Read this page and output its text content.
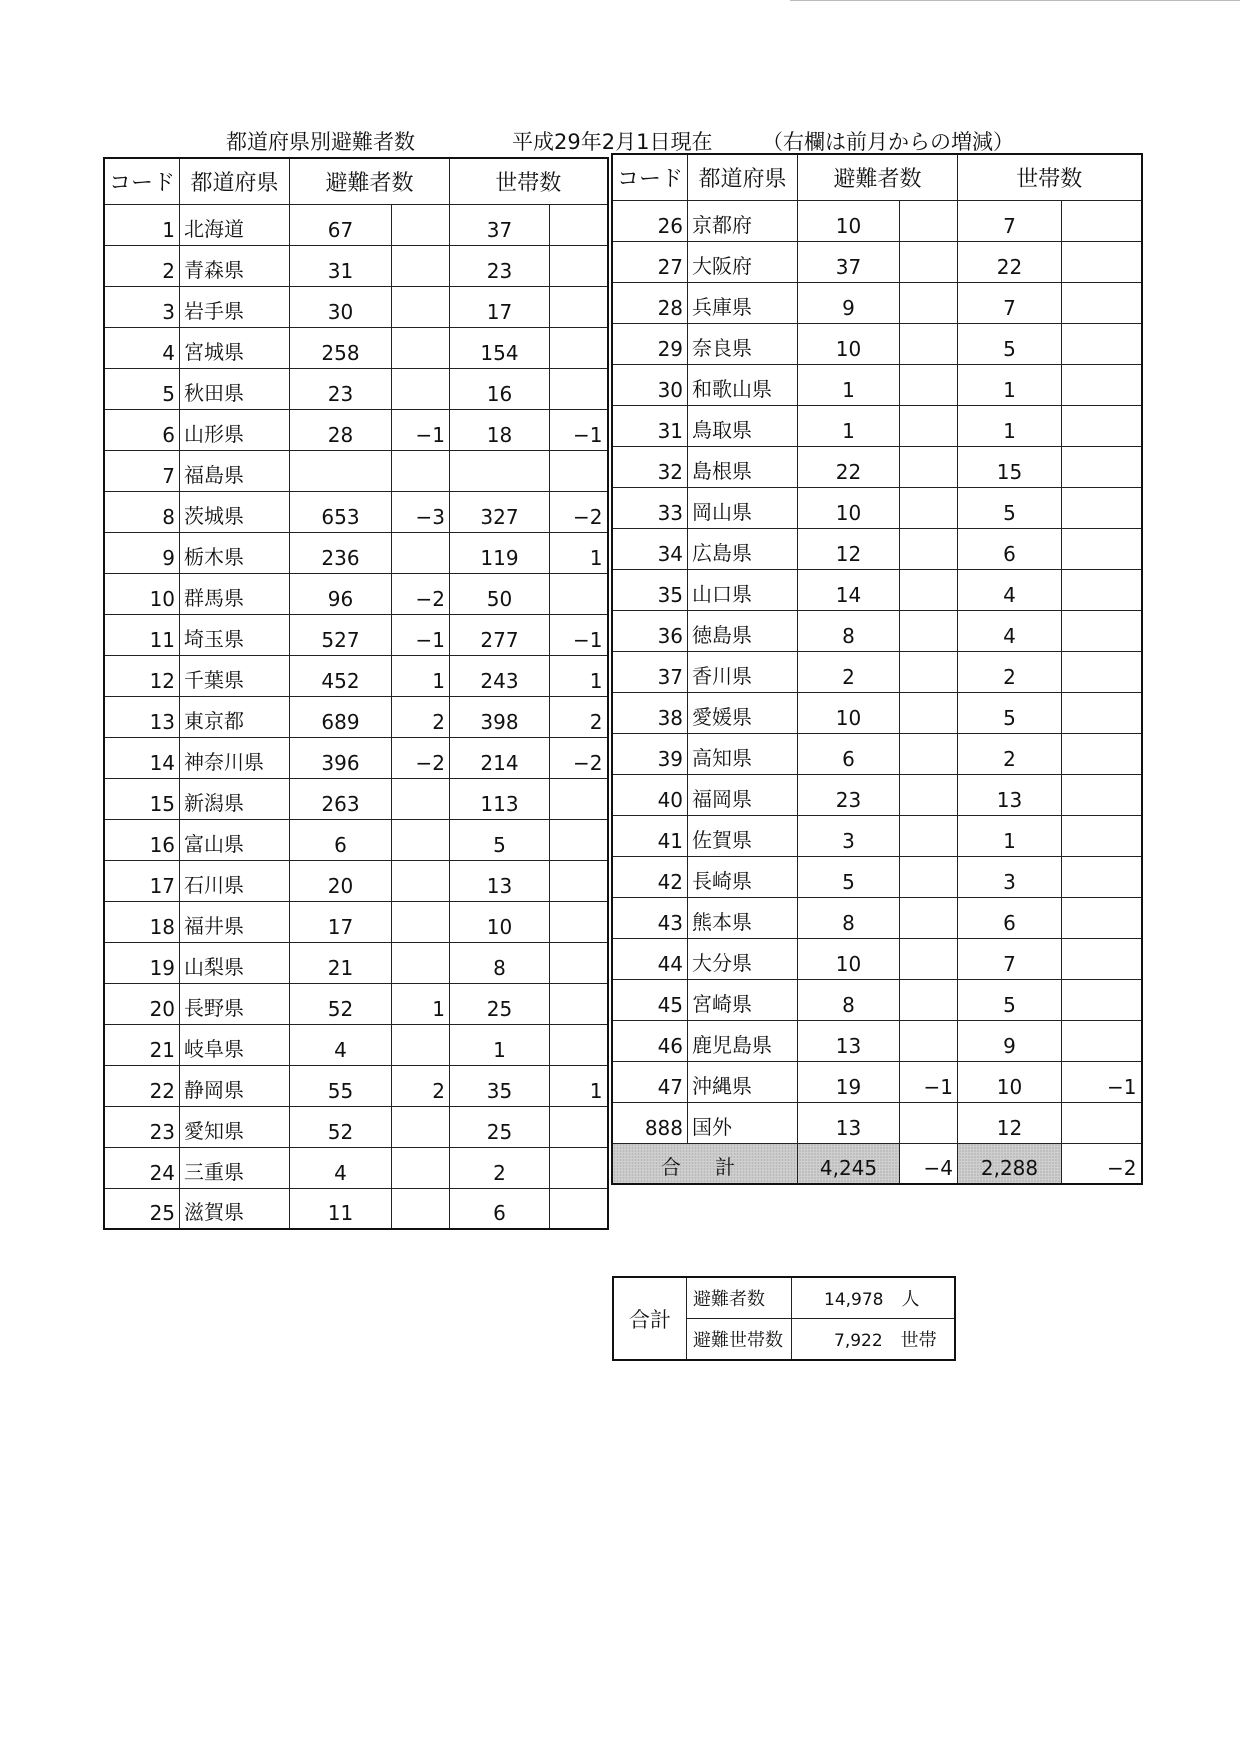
都道府県別避難者数	平成29年2月1日現在 （右欄は前月からの増減）
コード	都道府県	避難者数		世帯数	
1	北海道	67		37	
2	青森県	31		23	
3	岩手県	30		17	
4	宮城県	258		154	
5	秋田県	23		16	
6	山形県	28	−1	18	−1
7	福島県				
8	茨城県	653	−3	327	−2
9	栃木県	236		119	1
10	群馬県	96	−2	50	
11	埼玉県	527	−1	277	−1
12	千葉県	452	1	243	1
13	東京都	689	2	398	2
14	神奈川県	396	−2	214	−2
15	新潟県	263		113	
16	富山県	6		5	
17	石川県	20		13	
18	福井県	17		10	
19	山梨県	21		8	
20	長野県	52	1	25	
21	岐阜県	4		1	
22	静岡県	55	2	35	1
23	愛知県	52		25	
24	三重県	4		2	
25	滋賀県	11		6	
コード	都道府県	避難者数		世帯数	
26	京都府	10		7	
27	大阪府	37		22	
28	兵庫県	9		7	
29	奈良県	10		5	
30	和歌山県	1		1	
31	鳥取県	1		1	
32	島根県	22		15	
33	岡山県	10		5	
34	広島県	12		6	
35	山口県	14		4	
36	徳島県	8		4	
37	香川県	2		2	
38	愛媛県	10		5	
39	高知県	6		2	
40	福岡県	23		13	
41	佐賀県	3		1	
42	長崎県	5		3	
43	熊本県	8		6	
44	大分県	10		7	
45	宮崎県	8		5	
46	鹿児島県	13		9	
47	沖縄県	19	−1	10	−1
888	国外	13		12	
合 計		4,245	−4	2,288	−2
合計	避難者数	14,978 人
	避難世帯数	7,922 世帯
